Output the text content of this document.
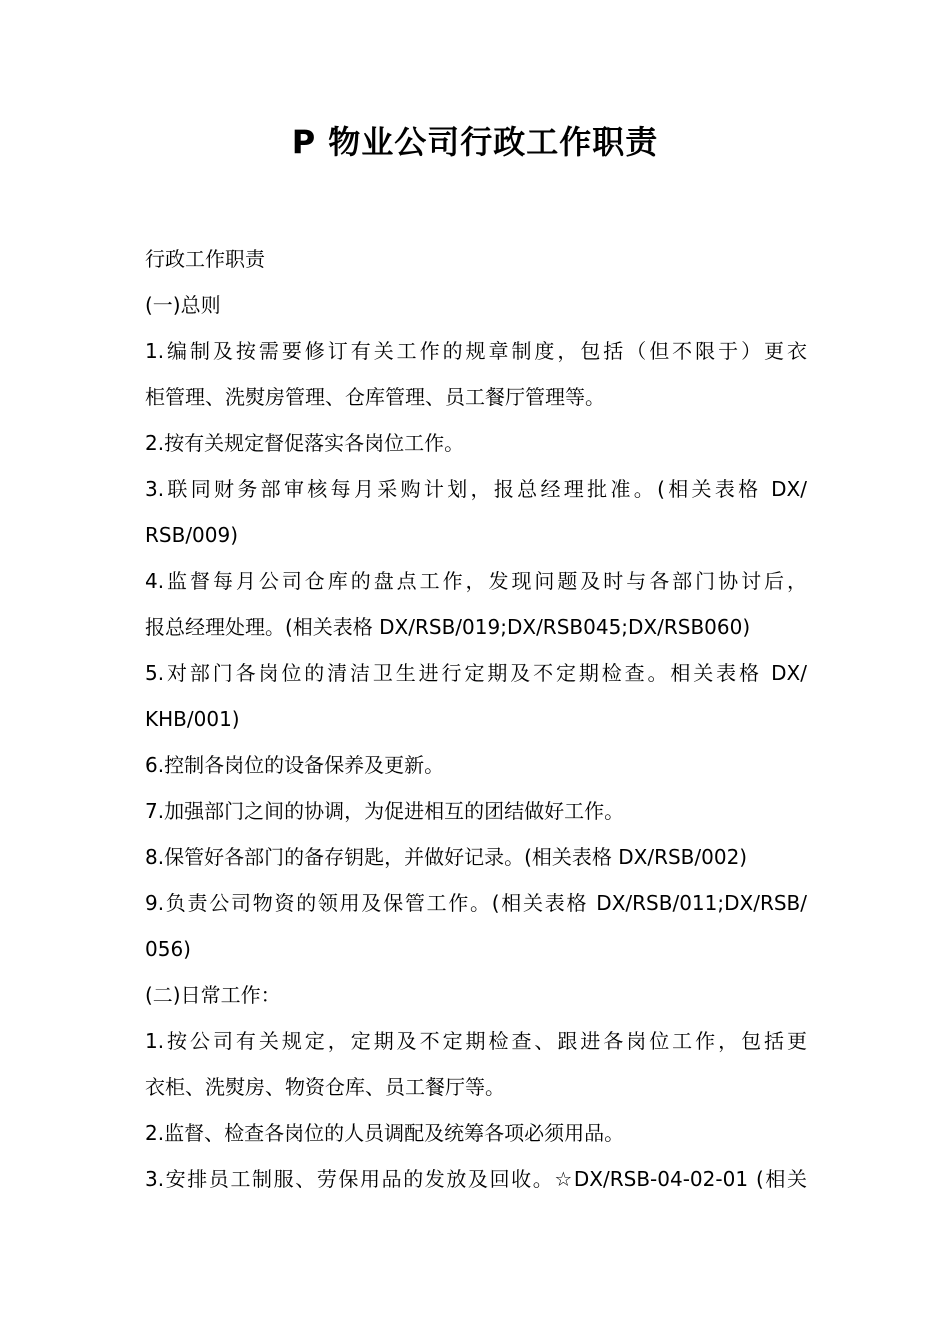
P 物业公司行政工作职责

行政工作职责

(一)总则

1.编制及按需要修订有关工作的规章制度，包括（但不限于）更衣

柜管理、洗熨房管理、仓库管理、员工餐厅管理等。

2.按有关规定督促落实各岗位工作。

3.联同财务部审核每月采购计划，报总经理批准。(相关表格 DX/

RSB/009)

4.监督每月公司仓库的盘点工作，发现问题及时与各部门协讨后，

报总经理处理。(相关表格 DX/RSB/019;DX/RSB045;DX/RSB060)

5.对部门各岗位的清洁卫生进行定期及不定期检查。相关表格 DX/

KHB/001)

6.控制各岗位的设备保养及更新。

7.加强部门之间的协调，为促进相互的团结做好工作。

8.保管好各部门的备存钥匙，并做好记录。(相关表格 DX/RSB/002)

9.负责公司物资的领用及保管工作。(相关表格 DX/RSB/011;DX/RSB/

056)

(二)日常工作：

1.按公司有关规定，定期及不定期检查、跟进各岗位工作，包括更

衣柜、洗熨房、物资仓库、员工餐厅等。

2.监督、检查各岗位的人员调配及统筹各项必须用品。

3.安排员工制服、劳保用品的发放及回收。☆DX/RSB-04-02-01 (相关
